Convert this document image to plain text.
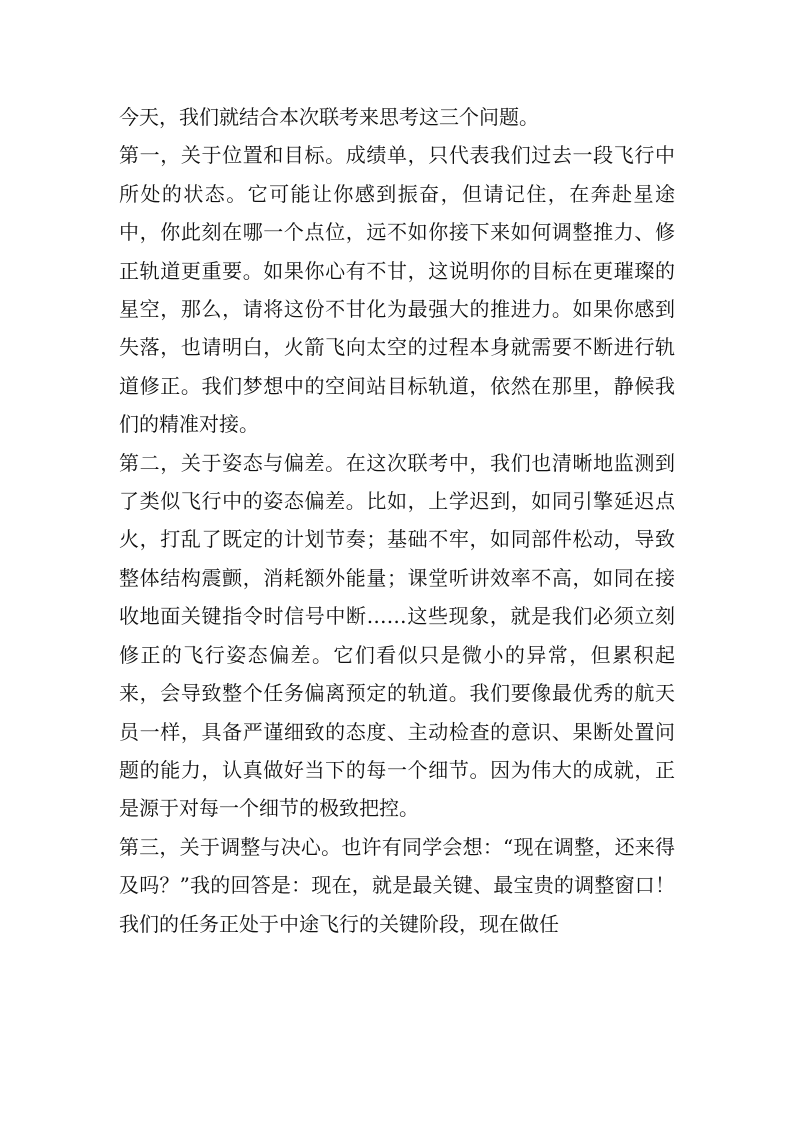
今天，我们就结合本次联考来思考这三个问题。

第一，关于位置和目标。成绩单，只代表我们过去一段飞行中所处的状态。它可能让你感到振奋，但请记住，在奔赴星途中，你此刻在哪一个点位，远不如你接下来如何调整推力、修正轨道更重要。如果你心有不甘，这说明你的目标在更璀璨的星空，那么，请将这份不甘化为最强大的推进力。如果你感到失落，也请明白，火箭飞向太空的过程本身就需要不断进行轨道修正。我们梦想中的空间站目标轨道，依然在那里，静候我们的精准对接。

第二，关于姿态与偏差。在这次联考中，我们也清晰地监测到了类似飞行中的姿态偏差。比如，上学迟到，如同引擎延迟点火，打乱了既定的计划节奏；基础不牢，如同部件松动，导致整体结构震颤，消耗额外能量；课堂听讲效率不高，如同在接收地面关键指令时信号中断……这些现象，就是我们必须立刻修正的飞行姿态偏差。它们看似只是微小的异常，但累积起来，会导致整个任务偏离预定的轨道。我们要像最优秀的航天员一样，具备严谨细致的态度、主动检查的意识、果断处置问题的能力，认真做好当下的每一个细节。因为伟大的成就，正是源于对每一个细节的极致把控。

第三，关于调整与决心。也许有同学会想：“现在调整，还来得及吗？”我的回答是：现在，就是最关键、最宝贵的调整窗口！我们的任务正处于中途飞行的关键阶段，现在做任
